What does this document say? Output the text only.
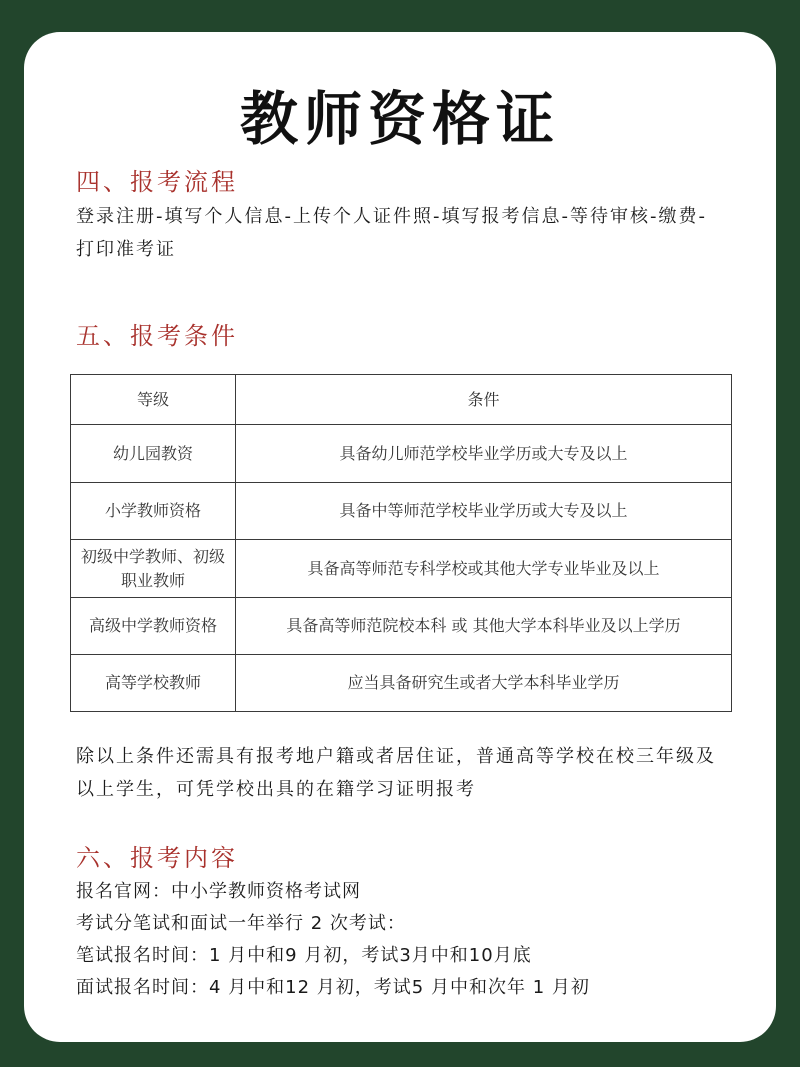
教师资格证
四、报考流程
登录注册-填写个人信息-上传个人证件照-填写报考信息-等待审核-缴费-打印准考证
五、报考条件
等级	条件
幼儿园教资	具备幼儿师范学校毕业学历或大专及以上
小学教师资格	具备中等师范学校毕业学历或大专及以上
初级中学教师、初级职业教师	具备高等师范专科学校或其他大学专业毕业及以上
高级中学教师资格	具备高等师范院校本科 或 其他大学本科毕业及以上学历
高等学校教师	应当具备研究生或者大学本科毕业学历
除以上条件还需具有报考地户籍或者居住证，普通高等学校在校三年级及以上学生，可凭学校出具的在籍学习证明报考
六、报考内容
报名官网：中小学教师资格考试网
考试分笔试和面试一年举行 2 次考试：
笔试报名时间：1 月中和9 月初，考试3月中和10月底
面试报名时间：4 月中和12 月初，考试5 月中和次年 1 月初
